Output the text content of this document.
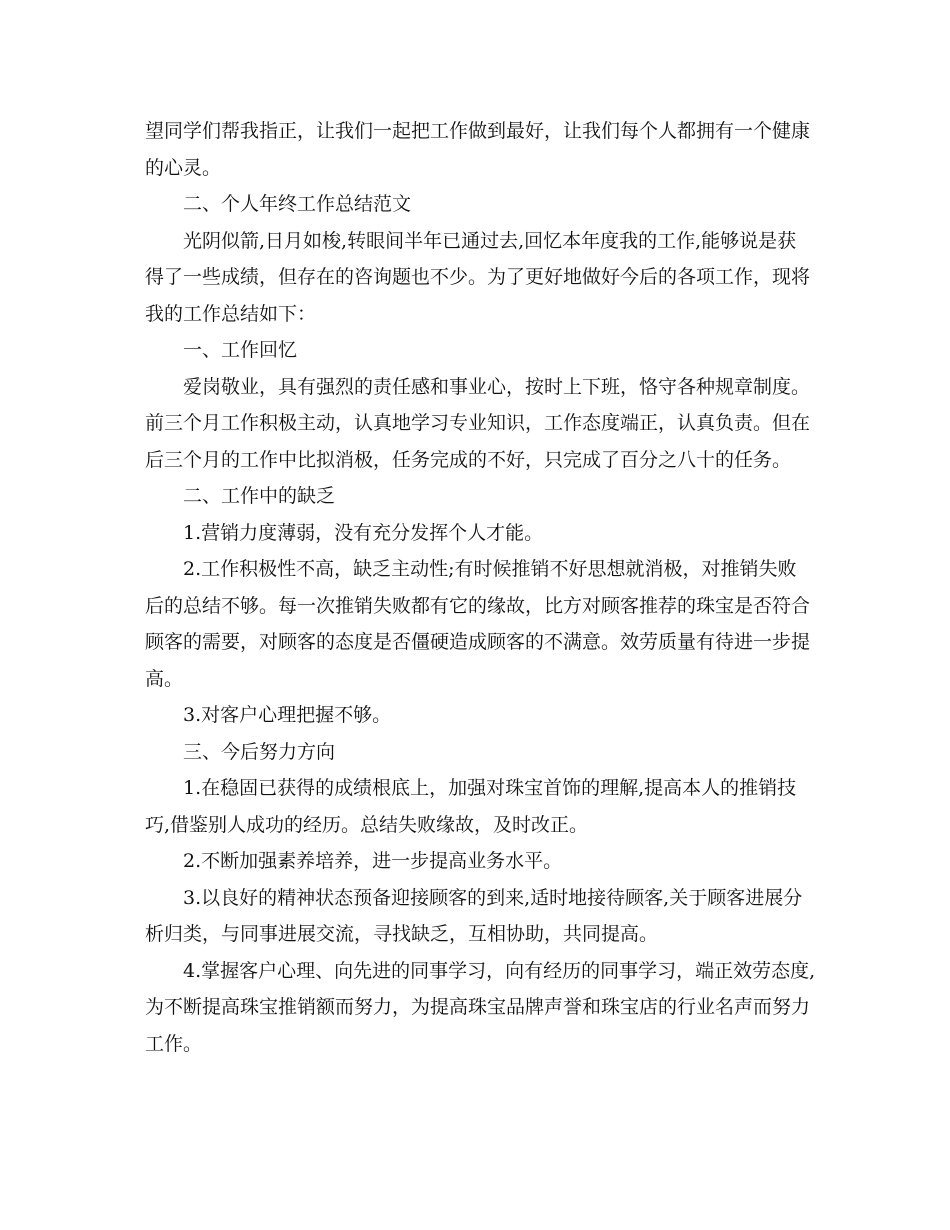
望同学们帮我指正，让我们一起把工作做到最好，让我们每个人都拥有一个健康

的心灵。

二、个人年终工作总结范文

光阴似箭,日月如梭,转眼间半年已通过去,回忆本年度我的工作,能够说是获

得了一些成绩，但存在的咨询题也不少。为了更好地做好今后的各项工作，现将

我的工作总结如下：

一、工作回忆

爱岗敬业，具有强烈的责任感和事业心，按时上下班，恪守各种规章制度。

前三个月工作积极主动，认真地学习专业知识，工作态度端正，认真负责。但在

后三个月的工作中比拟消极，任务完成的不好，只完成了百分之八十的任务。

二、工作中的缺乏

1.营销力度薄弱，没有充分发挥个人才能。

2.工作积极性不高，缺乏主动性;有时候推销不好思想就消极，对推销失败

后的总结不够。每一次推销失败都有它的缘故，比方对顾客推荐的珠宝是否符合

顾客的需要，对顾客的态度是否僵硬造成顾客的不满意。效劳质量有待进一步提

高。

3.对客户心理把握不够。

三、今后努力方向

1.在稳固已获得的成绩根底上，加强对珠宝首饰的理解,提高本人的推销技

巧,借鉴别人成功的经历。总结失败缘故，及时改正。

2.不断加强素养培养，进一步提高业务水平。

3.以良好的精神状态预备迎接顾客的到来,适时地接待顾客,关于顾客进展分

析归类，与同事进展交流，寻找缺乏，互相协助，共同提高。

4.掌握客户心理、向先进的同事学习，向有经历的同事学习，端正效劳态度,

为不断提高珠宝推销额而努力，为提高珠宝品牌声誉和珠宝店的行业名声而努力

工作。
